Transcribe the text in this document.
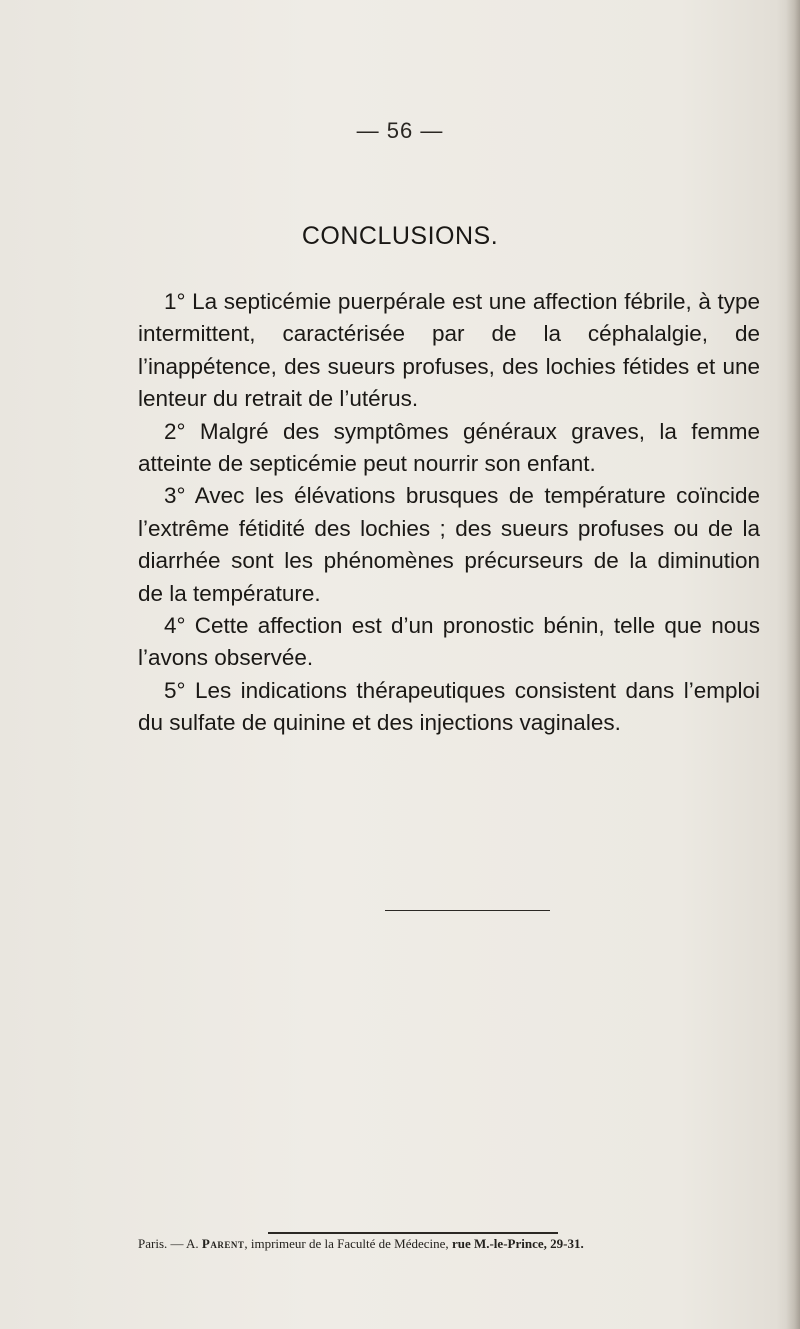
— 56 —
CONCLUSIONS.

1° La septicémie puerpérale est une affection fébrile, à type intermittent, caractérisée par de la céphalalgie, de l’inappétence, des sueurs profuses, des lochies fétides et une lenteur du retrait de l’utérus.

2° Malgré des symptômes généraux graves, la femme atteinte de septicémie peut nourrir son enfant.

3° Avec les élévations brusques de température coïncide l’extrême fétidité des lochies ; des sueurs profuses ou de la diarrhée sont les phénomènes précurseurs de la diminution de la température.

4° Cette affection est d’un pronostic bénin, telle que nous l’avons observée.

5° Les indications thérapeutiques consistent dans l’emploi du sulfate de quinine et des injections vaginales.

Paris. — A. Parent, imprimeur de la Faculté de Médecine, rue M.-le-Prince, 29-31.
